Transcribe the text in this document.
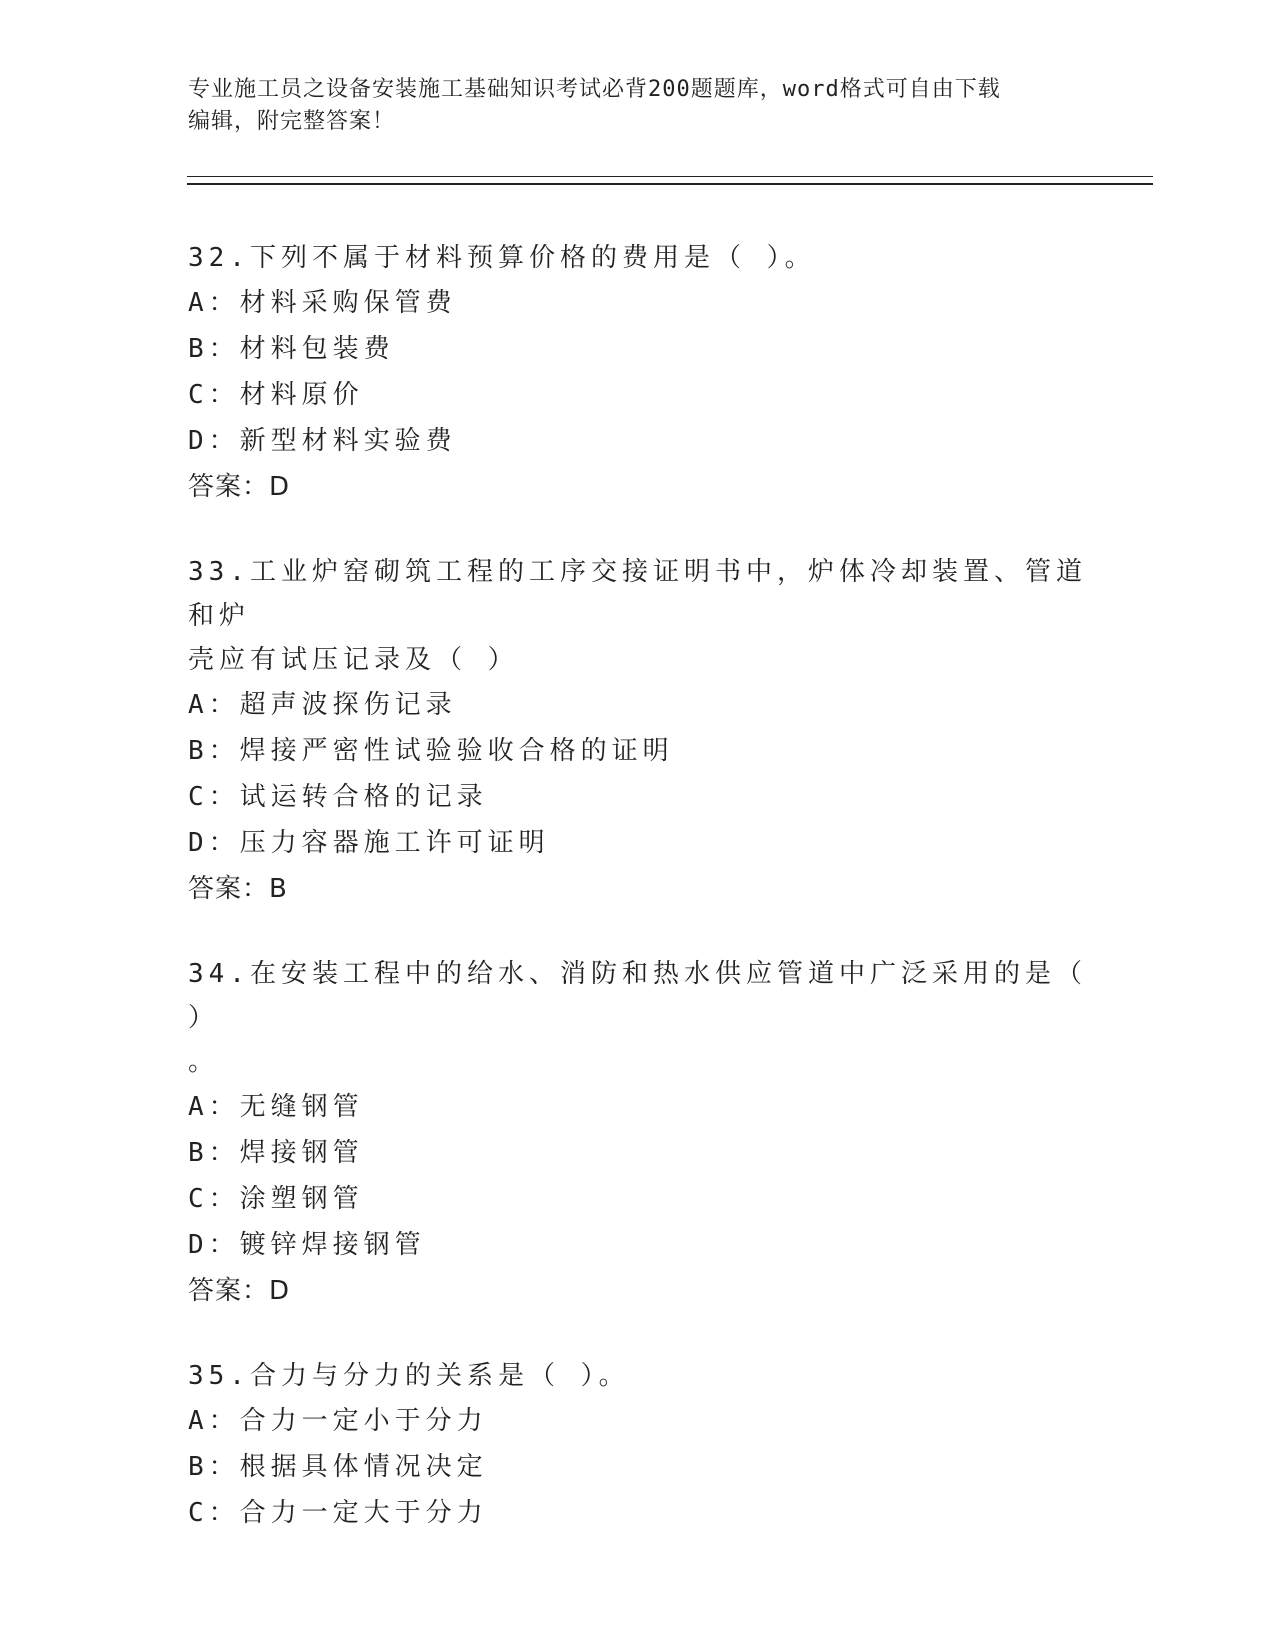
专业施工员之设备安装施工基础知识考试必背200题题库，word格式可自由下载
编辑，附完整答案！
32.下列不属于材料预算价格的费用是（ ）。
A：材料采购保管费
B：材料包装费
C：材料原价
D：新型材料实验费
答案：D
33.工业炉窑砌筑工程的工序交接证明书中，炉体冷却装置、管道和炉
壳应有试压记录及（ ）
A：超声波探伤记录
B：焊接严密性试验验收合格的证明
C：试运转合格的记录
D：压力容器施工许可证明
答案：B
34.在安装工程中的给水、消防和热水供应管道中广泛采用的是（ ）
。
A：无缝钢管
B：焊接钢管
C：涂塑钢管
D：镀锌焊接钢管
答案：D
35.合力与分力的关系是（ ）。
A：合力一定小于分力
B：根据具体情况决定
C：合力一定大于分力
